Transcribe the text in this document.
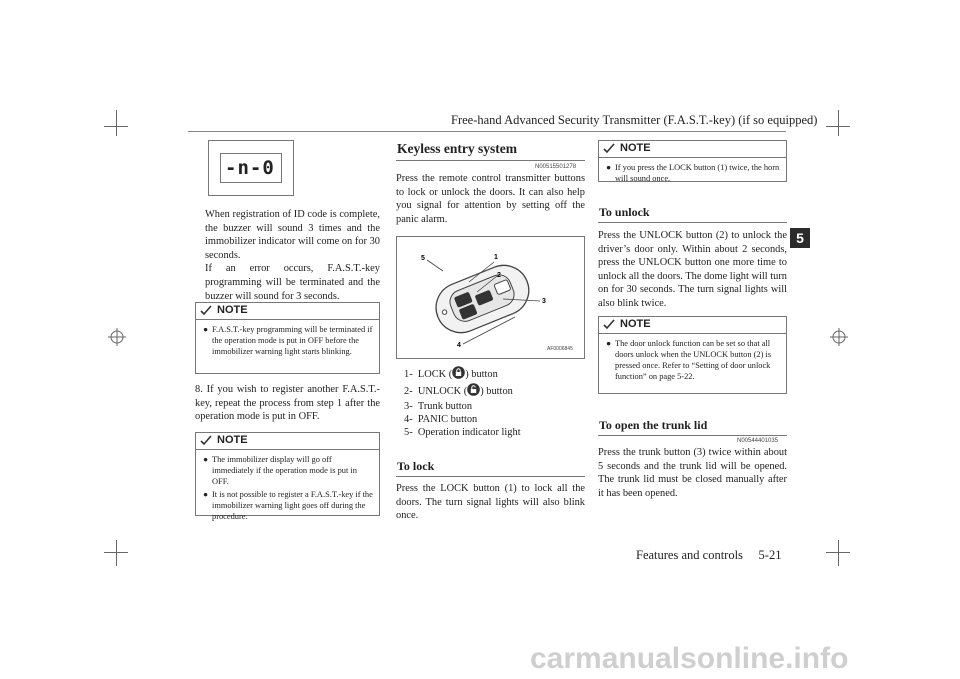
Free-hand Advanced Security Transmitter (F.A.S.T.-key) (if so equipped)
5
-n-0

When registration of ID code is complete, the buzzer will sound 3 times and the immobilizer indicator will come on for 30 seconds.

If an error occurs, F.A.S.T.-key programming will be terminated and the buzzer will sound for 3 seconds.

NOTE
● F.A.S.T.-key programming will be terminated if the operation mode is put in OFF before the immobilizer warning light starts blinking.

8. If you wish to register another F.A.S.T.-key, repeat the process from step 1 after the operation mode is put in OFF.

NOTE
● The immobilizer display will go off immediately if the operation mode is put in OFF.
● It is not possible to register a F.A.S.T.-key if the immobilizer warning light goes off during the procedure.
Keyless entry system
N00515501278

Press the remote control transmitter buttons to lock or unlock the doors. It can also help you signal for attention by setting off the panic alarm.

5	1
2
3
4	AF0006845
1- LOCK ( ) button
2- UNLOCK ( ) button
3- Trunk button
4- PANIC button
5- Operation indicator light
To lock

Press the LOCK button (1) to lock all the doors. The turn signal lights will also blink once.

NOTE
● If you press the LOCK button (1) twice, the horn will sound once.
To unlock

Press the UNLOCK button (2) to unlock the driver’s door only. Within about 2 seconds, press the UNLOCK button one more time to unlock all the doors. The dome light will turn on for 30 seconds. The turn signal lights will also blink twice.

NOTE
● The door unlock function can be set so that all doors unlock when the UNLOCK button (2) is pressed once. Refer to “Setting of door unlock function” on page 5-22.
To open the trunk lid
N00544401035

Press the trunk button (3) twice within about 5 seconds and the trunk lid will be opened. The trunk lid must be closed manually after it has been opened.

Features and controls     5-21
carmanualsonline.info
